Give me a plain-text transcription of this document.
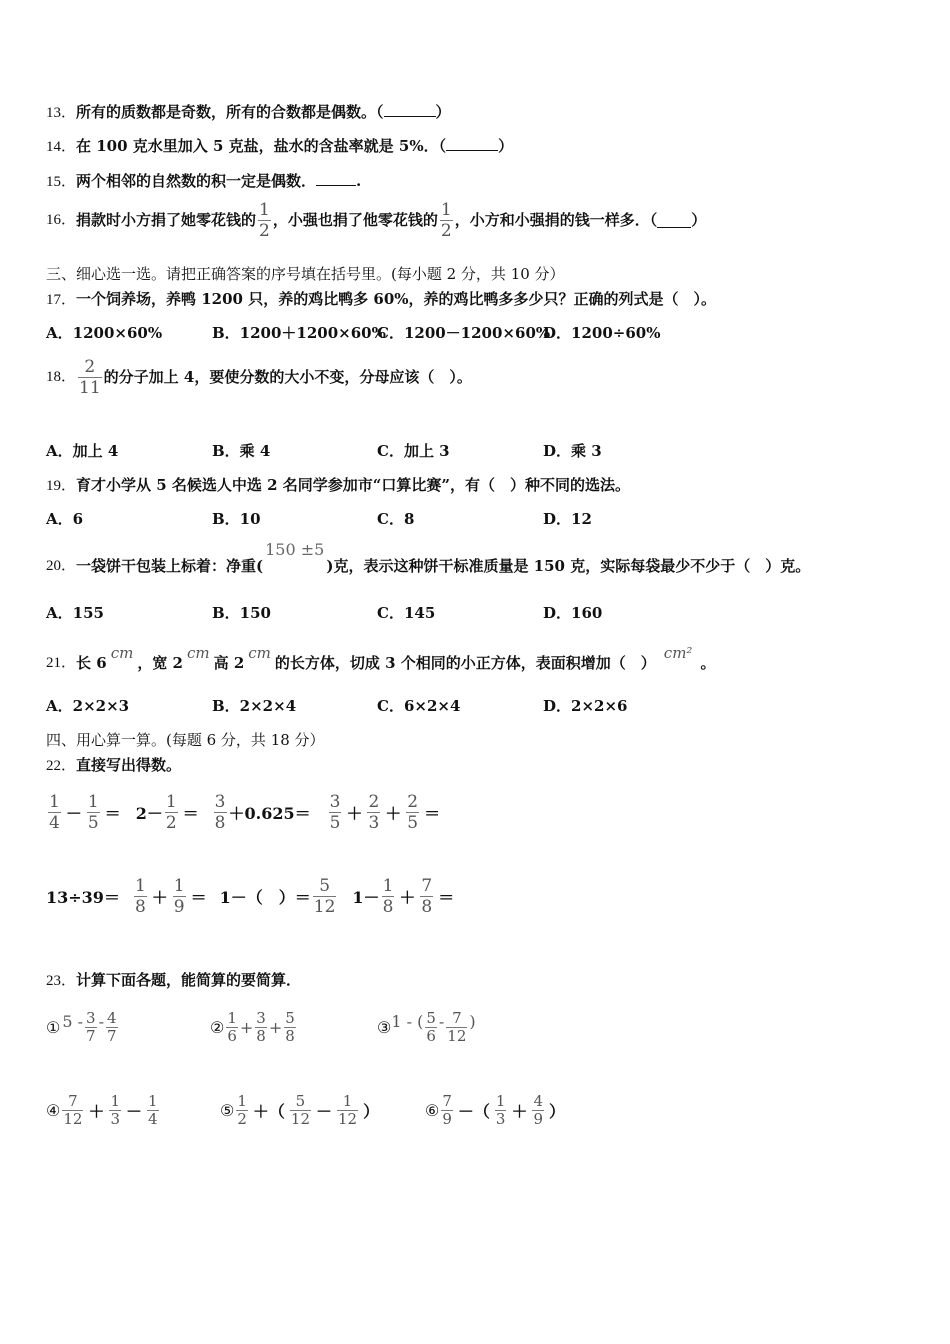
13．所有的质数都是奇数，所有的合数都是偶数。（	）
14．在 100 克水里加入 5 克盐，盐水的含盐率就是 5%．（	）
15．两个相邻的自然数的积一定是偶数．	.
16． 捐款时小方捐了她零花钱的 $\frac{1}{2}$ ，小强也捐了他零花钱的 $\frac{1}{2}$ ，小方和小强捐的钱一样多．（ ）
三、细心选一选。请把正确答案的序号填在括号里。(每小题 2 分，共 10 分）
17．一个饲养场，养鸭 1200 只，养的鸡比鸭多 60%，养的鸡比鸭多多少只？正确的列式是（　）。
A．1200×60%	B．1200＋1200×60%
C．1200－1200×60%
D．1200÷60%
18． $\frac{2}{11}$ 的分子加上 4，要使分数的大小不变，分母应该（　）。
A．加上 4	B．乘 4	C．加上 3	D．乘 3
19．育才小学从 5 名候选人中选 2 名同学参加市“口算比赛”，有（　）种不同的选法。
A．6	B．10	C．8	D．12
20． 一袋饼干包装上标着：净重(
150 ±5
)克，表示这种饼干标准质量是 150 克，实际每袋最少不少于（　）克。
A．155	B．150	C．145	D．160
21． 长 6
cm
，宽 2
cm
高 2
cm
的长方体，切成 3 个相同的小正方体，表面积增加（　）
cm²
。
A．2×2×3	B．2×2×4	C．6×2×4	D．2×2×6
四、用心算一算。(每题 6 分，共 18 分）
22．直接写出得数。
$\frac{1}{4} - \frac{1}{5} = 2- \frac{1}{2} = \frac{3}{8} +0.625= \frac{3}{5} + \frac{2}{3} + \frac{2}{5}$ ＝
$13\div 39= \frac{1}{8} + \frac{1}{9} = 1-$（　）＝ $\frac{5}{12} 1- \frac{1}{8} + \frac{7}{8}$ ＝
23．计算下面各题，能简算的要简算．
① $5 - \frac{3}{7} - \frac{4}{7}$	② $\frac{1}{6} + \frac{3}{8} + \frac{5}{8}$	③ 1 - ( $\frac{5}{6} - \frac{7}{12}$ )
④ $\frac{7}{12} + \frac{1}{3} - \frac{1}{4}$	⑤ $\frac{1}{2}$ ＋（ $\frac{5}{12} - \frac{1}{12}$ ）	⑥ $\frac{7}{9}$ －（ $\frac{1}{3} + \frac{4}{9}$ ）
